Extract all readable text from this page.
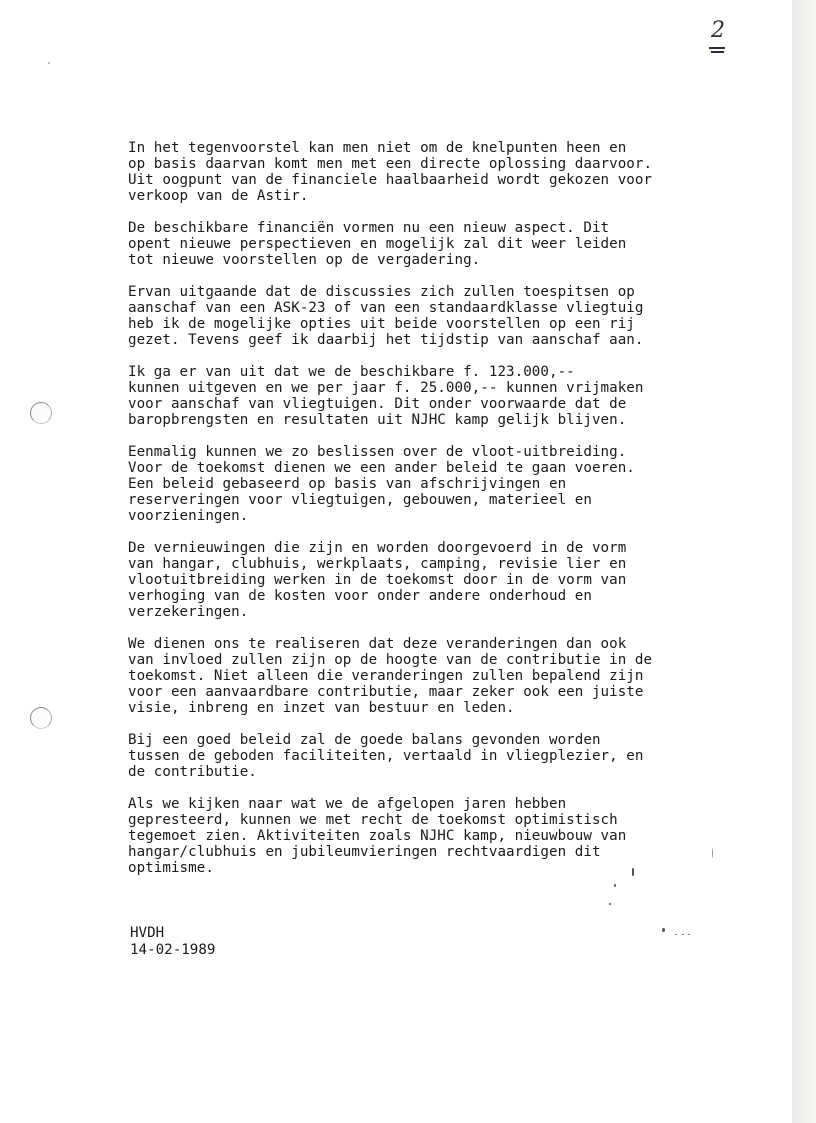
2

In het tegenvoorstel kan men niet om de knelpunten heen en
op basis daarvan komt men met een directe oplossing daarvoor.
Uit oogpunt van de financiele haalbaarheid wordt gekozen voor
verkoop van de Astir.

De beschikbare financiën vormen nu een nieuw aspect. Dit
opent nieuwe perspectieven en mogelijk zal dit weer leiden
tot nieuwe voorstellen op de vergadering.

Ervan uitgaande dat de discussies zich zullen toespitsen op
aanschaf van een ASK-23 of van een standaardklasse vliegtuig
heb ik de mogelijke opties uit beide voorstellen op een rij
gezet. Tevens geef ik daarbij het tijdstip van aanschaf aan.

Ik ga er van uit dat we de beschikbare f. 123.000,--
kunnen uitgeven en we per jaar f. 25.000,-- kunnen vrijmaken
voor aanschaf van vliegtuigen. Dit onder voorwaarde dat de
baropbrengsten en resultaten uit NJHC kamp gelijk blijven.

Eenmalig kunnen we zo beslissen over de vloot-uitbreiding.
Voor de toekomst dienen we een ander beleid te gaan voeren.
Een beleid gebaseerd op basis van afschrijvingen en
reserveringen voor vliegtuigen, gebouwen, materieel en
voorzieningen.

De vernieuwingen die zijn en worden doorgevoerd in de vorm
van hangar, clubhuis, werkplaats, camping, revisie lier en
vlootuitbreiding werken in de toekomst door in de vorm van
verhoging van de kosten voor onder andere onderhoud en
verzekeringen.

We dienen ons te realiseren dat deze veranderingen dan ook
van invloed zullen zijn op de hoogte van de contributie in de
toekomst. Niet alleen die veranderingen zullen bepalend zijn
voor een aanvaardbare contributie, maar zeker ook een juiste
visie, inbreng en inzet van bestuur en leden.

Bij een goed beleid zal de goede balans gevonden worden
tussen de geboden faciliteiten, vertaald in vliegplezier, en
de contributie.

Als we kijken naar wat we de afgelopen jaren hebben
gepresteerd, kunnen we met recht de toekomst optimistisch
tegemoet zien. Aktiviteiten zoals NJHC kamp, nieuwbouw van
hangar/clubhuis en jubileumvieringen rechtvaardigen dit
optimisme.

HVDH
14-02-1989
